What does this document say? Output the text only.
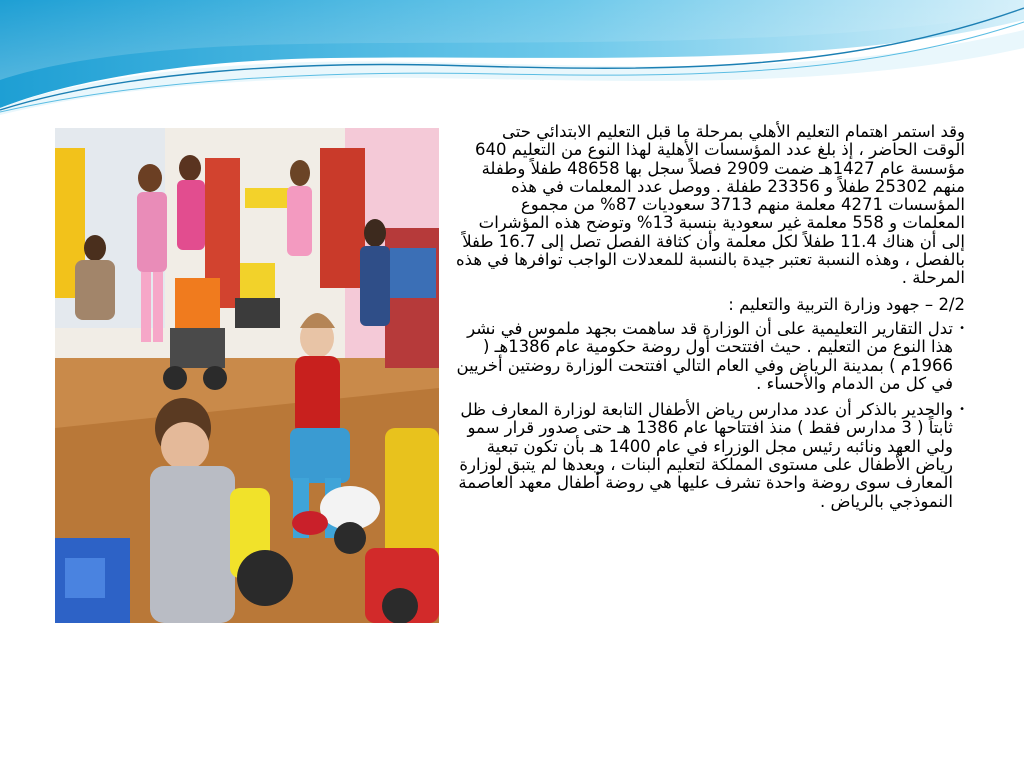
وقد استمر اهتمام التعليم الأهلي بمرحلة ما قبل التعليم الابتدائي حتى الوقت الحاضر ، إذ بلغ عدد المؤسسات الأهلية لهذا النوع من التعليم 640 مؤسسة عام 1427هـ ضمت 2909 فصلاً سجل بها 48658 طفلاً وطفلة منهم 25302 طفلاً و 23356 طفلة . ووصل عدد المعلمات في هذه المؤسسات 4271 معلمة منهم 3713 سعوديات 87% من مجموع المعلمات و 558 معلمة غير سعودية بنسبة 13% وتوضح هذه المؤشرات إلى أن هناك 11.4 طفلاً لكل معلمة وأن كثافة الفصل تصل إلى 16.7 طفلاً بالفصل ، وهذه النسبة تعتبر جيدة بالنسبة للمعدلات الواجب توافرها في هذه المرحلة .

2/2 – جهود وزارة التربية والتعليم :

•
تدل التقارير التعليمية على أن الوزارة قد ساهمت بجهد ملموس في نشر هذا النوع من التعليم . حيث افتتحت أول روضة حكومية عام 1386هـ ( 1966م ) بمدينة الرياض وفي العام التالي افتتحت الوزارة روضتين أخريين في كل من الدمام والأحساء .

•
والجدير بالذكر أن عدد مدارس رياض الأطفال التابعة لوزارة المعارف ظل ثابتاً ( 3 مدارس فقط ) منذ افتتاحها عام 1386 هـ حتى صدور قرار سمو ولي العهد ونائبه رئيس مجل الوزراء في عام 1400 هـ بأن تكون تبعية رياض الأطفال على مستوى المملكة لتعليم البنات ، وبعدها لم يتبق لوزارة المعارف سوى روضة واحدة تشرف عليها هي روضة أطفال معهد العاصمة النموذجي بالرياض .
